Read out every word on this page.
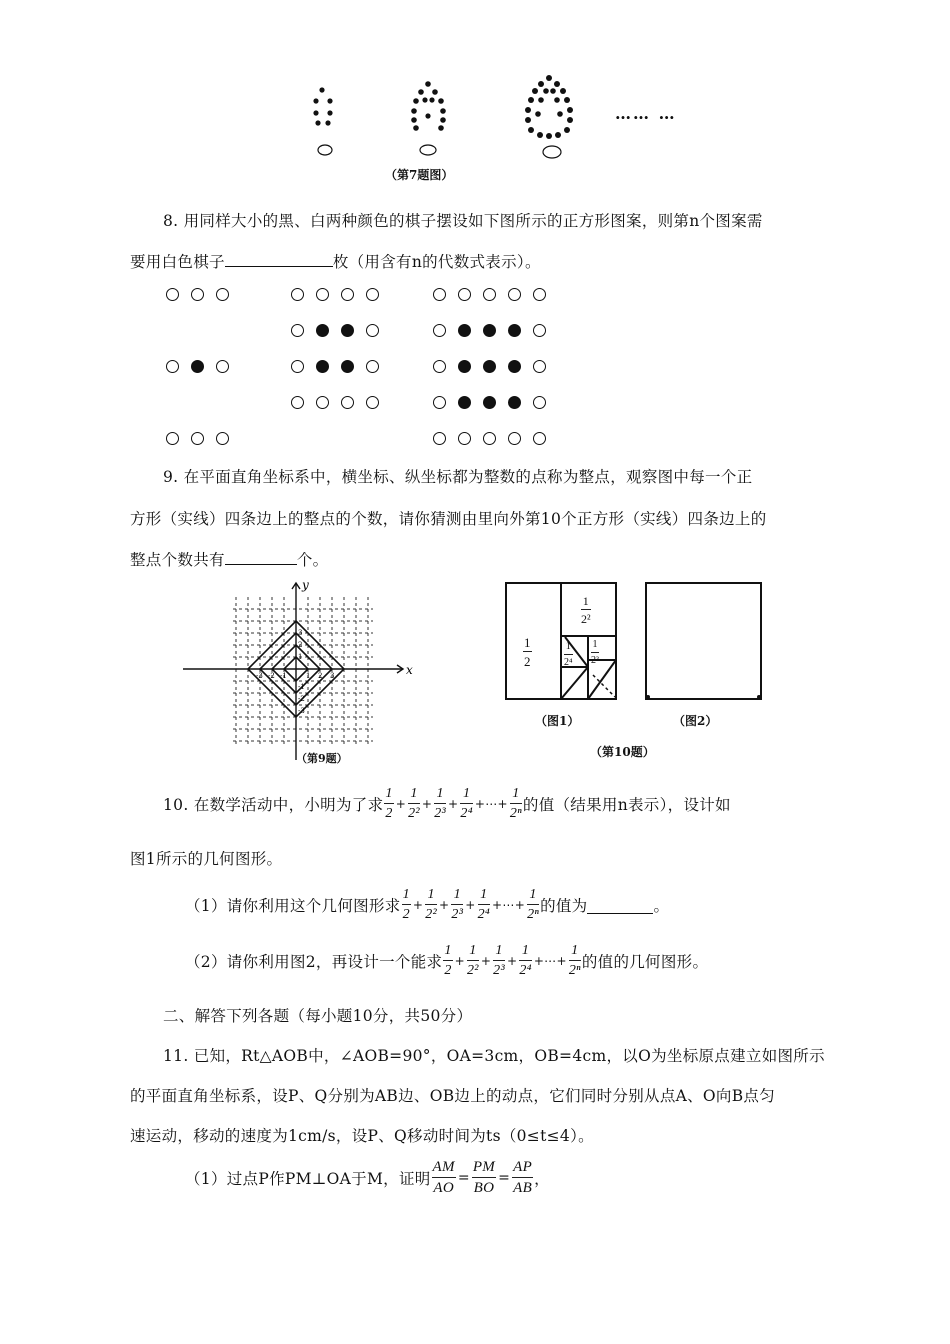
…… …
（第7题图）
8. 用同样大小的黑、白两种颜色的棋子摆设如下图所示的正方形图案，则第n个图案需
要用白色棋子	枚（用含有n的代数式表示）。
9. 在平面直角坐标系中，横坐标、纵坐标都为整数的点称为整点，观察图中每一个正
方形（实线）四条边上的整点的个数，请你猜测由里向外第10个正方形（实线）四条边上的
整点个数共有	个。
x
y
3
2
1
-1
-2
-3
-3 -2 -1	1 2 3
（第9题）
$\frac{1}{2}$
$\frac{1}{\text{2²}}$
$\frac{1}{\text{2³}}$
$\frac{1}{\text{2⁴}}$
（图1）	（图2）
（第10题）
10. 在数学活动中，小明为了求 $\frac{1}{2} + \frac{1}{\text{2²}} + \frac{1}{\text{2³}} + \frac{1}{\text{2⁴}}$ +⋯+ $\frac{1}{\text{2ⁿ}}$ 的值（结果用n表示），设计如
图1所示的几何图形。
（1）请你利用这个几何图形求 $\frac{1}{2} + \frac{1}{\text{2²}} + \frac{1}{\text{2³}} + \frac{1}{\text{2⁴}}$ +⋯+ $\frac{1}{\text{2ⁿ}}$ 的值为	。
（2）请你利用图2，再设计一个能求 $\frac{1}{2} + \frac{1}{\text{2²}} + \frac{1}{\text{2³}} + \frac{1}{\text{2⁴}}$ +⋯+ $\frac{1}{\text{2ⁿ}}$ 的值的几何图形。
二、解答下列各题（每小题10分，共50分）
11. 已知，Rt△AOB中，∠AOB=90°，OA=3cm，OB=4cm，以O为坐标原点建立如图所示
的平面直角坐标系，设P、Q分别为AB边、OB边上的动点，它们同时分别从点A、O向B点匀
速运动，移动的速度为1cm/s，设P、Q移动时间为ts（0≤t≤4）。
（1）过点P作PM⊥OA于M，证明 $\frac{AM}{AO} = \frac{PM}{BO} = \frac{AP}{AB}$ ，
